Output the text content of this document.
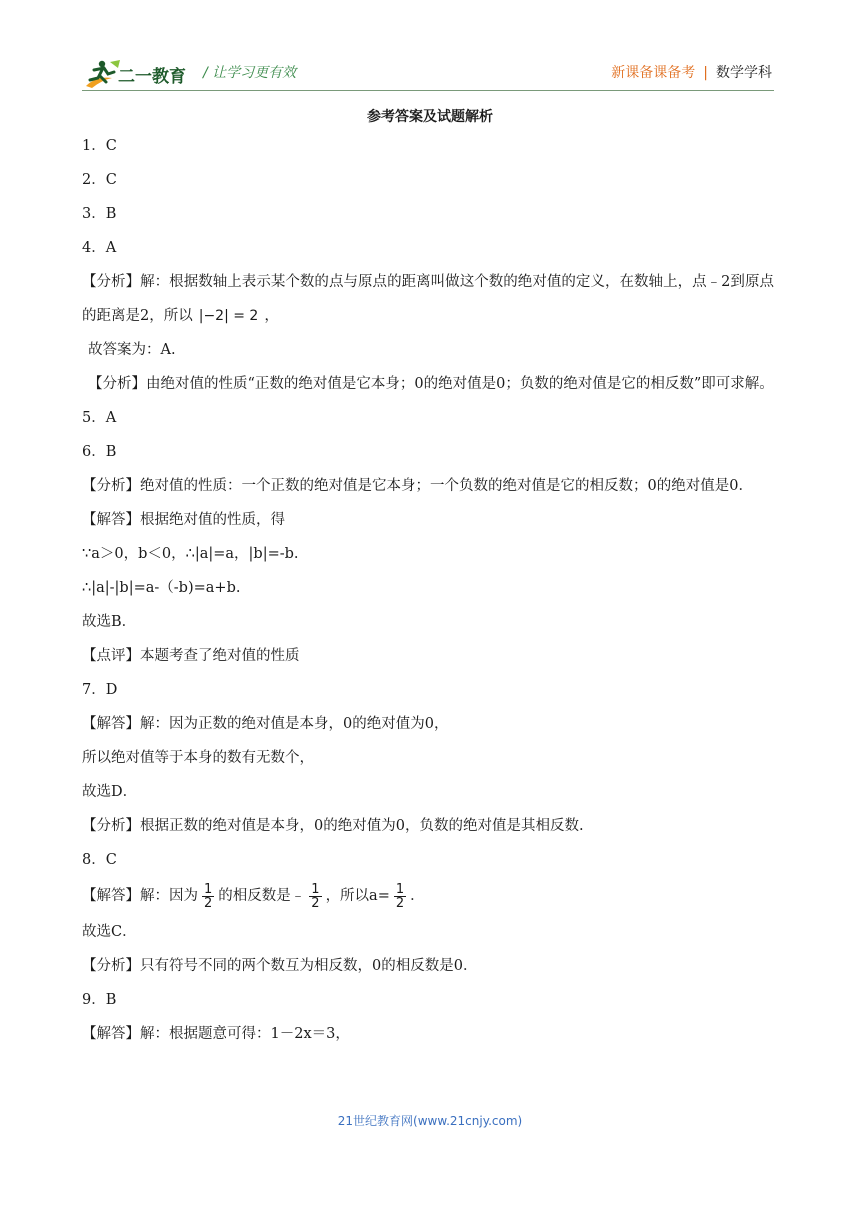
二一教育 / 让学习更有效	新课备课备考 | 数学学科
参考答案及试题解析

1．C

2．C

3．B

4．A

【分析】解：根据数轴上表示某个数的点与原点的距离叫做这个数的绝对值的定义，在数轴上，点﹣2到原点的距离是2，所以 |−2| = 2 ，

故答案为：A.

【分析】由绝对值的性质“正数的绝对值是它本身；0的绝对值是0；负数的绝对值是它的相反数”即可求解。

5．A

6．B

【分析】绝对值的性质：一个正数的绝对值是它本身；一个负数的绝对值是它的相反数；0的绝对值是0．

【解答】根据绝对值的性质，得

∵a＞0，b＜0，∴|a|=a，|b|=-b.

∴|a|-|b|=a-（-b)=a+b.

故选B．

【点评】本题考查了绝对值的性质

7．D

【解答】解：因为正数的绝对值是本身，0的绝对值为0，

所以绝对值等于本身的数有无数个，

故选D．

【分析】根据正数的绝对值是本身，0的绝对值为0，负数的绝对值是其相反数.

8．C

【解答】解：因为 $\frac{1}{2}$ 的相反数是﹣ $\frac{1}{2}$ ，所以$a= \frac{1}{2}$ ．

故选C．

【分析】只有符号不同的两个数互为相反数，0的相反数是0．

9．B

【解答】解：根据题意可得：1－2x＝3，

21世纪教育网(www.21cnjy.com)
